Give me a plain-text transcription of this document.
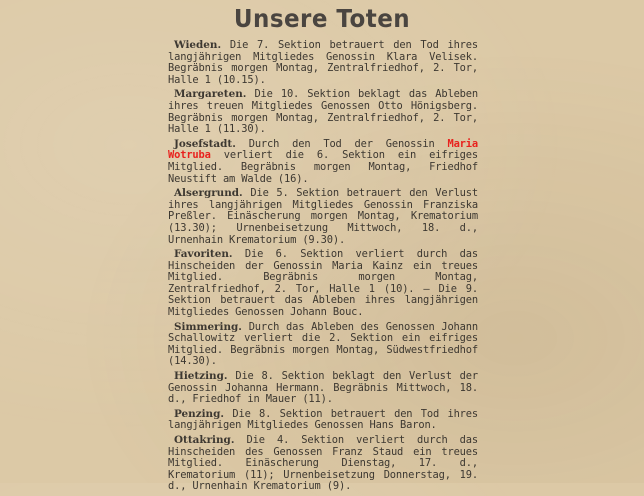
Unsere Toten

Wieden. Die 7. Sektion betrauert den Tod ihres langjährigen Mitgliedes Genossin Klara Velisek. Begräbnis morgen Montag, Zentralfriedhof, 2. Tor, Halle 1 (10.15).

Margareten. Die 10. Sektion beklagt das Ableben ihres treuen Mitgliedes Genossen Otto Hönigsberg. Begräbnis morgen Montag, Zentralfriedhof, 2. Tor, Halle 1 (11.30).

Josefstadt. Durch den Tod der Genossin Maria Wotruba verliert die 6. Sektion ein eifriges Mitglied. Begräbnis morgen Montag, Friedhof Neustift am Walde (16).

Alsergrund. Die 5. Sektion betrauert den Verlust ihres langjährigen Mitgliedes Genossin Franziska Preßler. Einäscherung morgen Montag, Krematorium (13.30); Urnenbeisetzung Mittwoch, 18. d., Urnenhain Krematorium (9.30).

Favoriten. Die 6. Sektion verliert durch das Hinscheiden der Genossin Maria Kainz ein treues Mitglied. Begräbnis morgen Montag, Zentralfriedhof, 2. Tor, Halle 1 (10). — Die 9. Sektion betrauert das Ableben ihres langjährigen Mitgliedes Genossen Johann Bouc.

Simmering. Durch das Ableben des Genossen Johann Schallowitz verliert die 2. Sektion ein eifriges Mitglied. Begräbnis morgen Montag, Südwestfriedhof (14.30).

Hietzing. Die 8. Sektion beklagt den Verlust der Genossin Johanna Hermann. Begräbnis Mittwoch, 18. d., Friedhof in Mauer (11).

Penzing. Die 8. Sektion betrauert den Tod ihres langjährigen Mitgliedes Genossen Hans Baron.

Ottakring. Die 4. Sektion verliert durch das Hinscheiden des Genossen Franz Staud ein treues Mitglied. Einäscherung Dienstag, 17. d., Krematorium (11); Urnenbeisetzung Donnerstag, 19. d., Urnenhain Krematorium (9).
